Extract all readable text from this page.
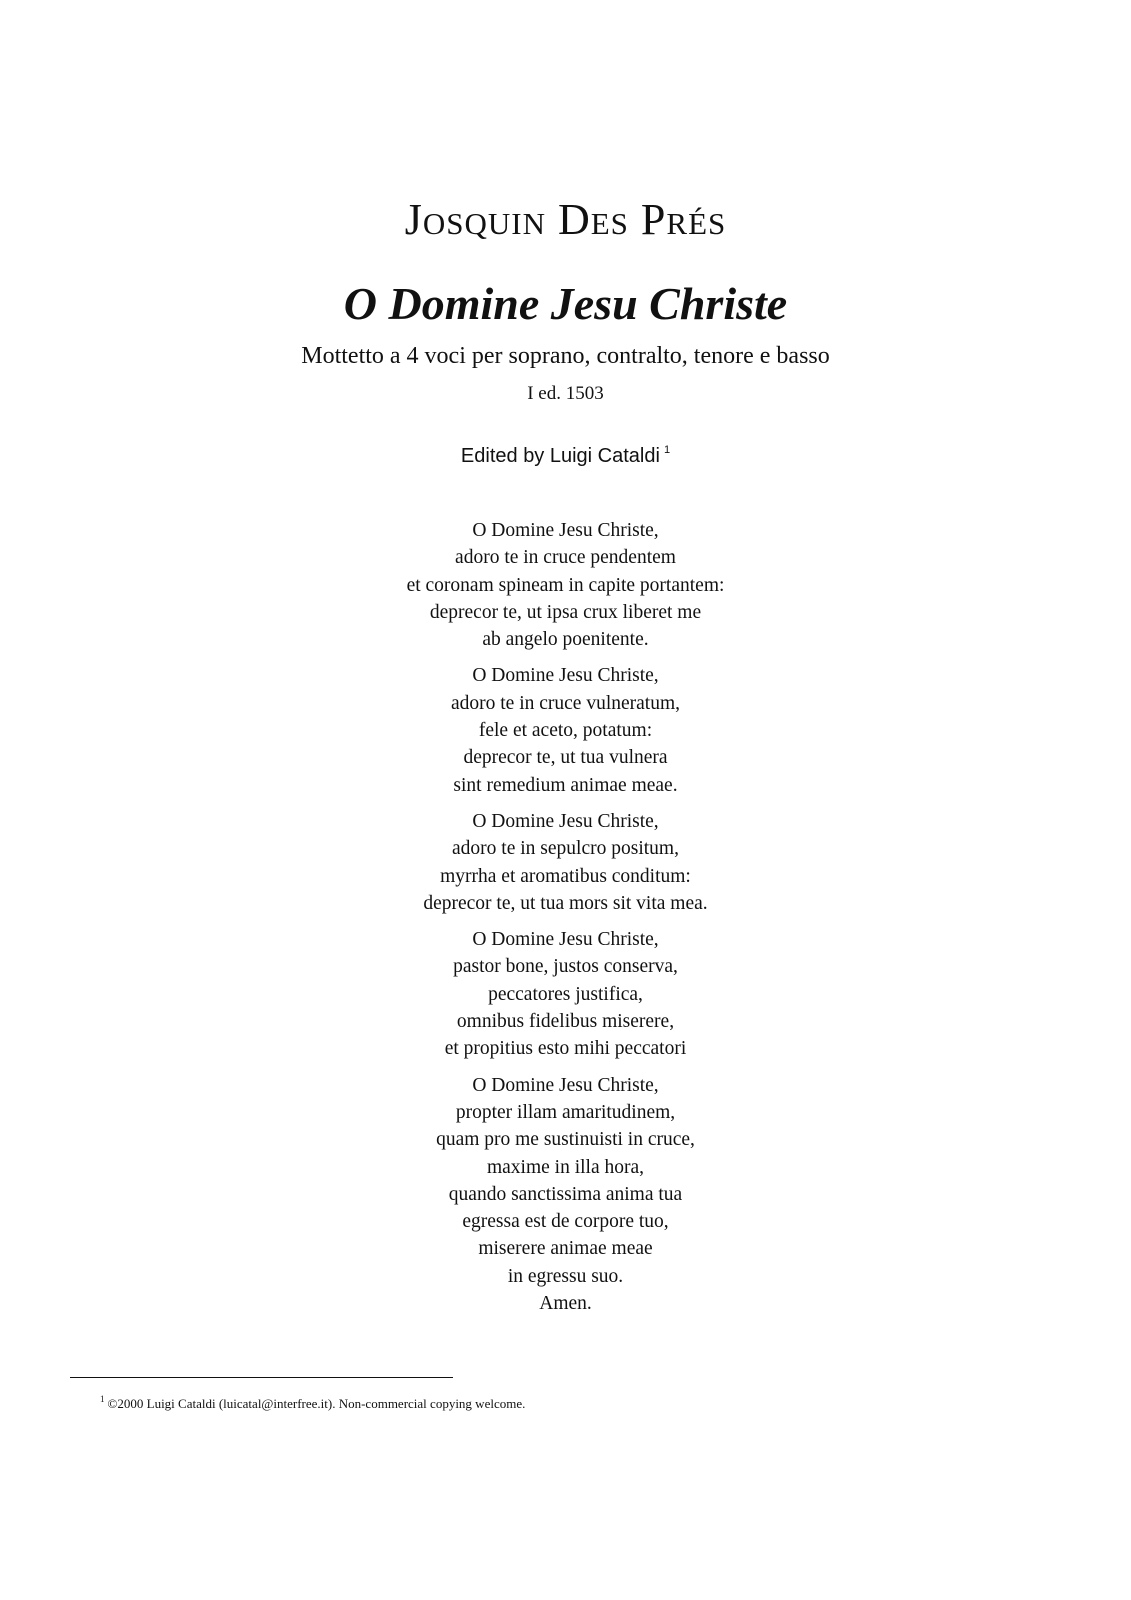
Josquin Des Prés
O Domine Jesu Christe
Mottetto a 4 voci per soprano, contralto, tenore e basso
I ed. 1503
Edited by Luigi Cataldi $^1$
O Domine Jesu Christe,
adoro te in cruce pendentem
et coronam spineam in capite portantem:
deprecor te, ut ipsa crux liberet me
ab angelo poenitente.
O Domine Jesu Christe,
adoro te in cruce vulneratum,
fele et aceto, potatum:
deprecor te, ut tua vulnera
sint remedium animae meae.
O Domine Jesu Christe,
adoro te in sepulcro positum,
myrrha et aromatibus conditum:
deprecor te, ut tua mors sit vita mea.
O Domine Jesu Christe,
pastor bone, justos conserva,
peccatores justifica,
omnibus fidelibus miserere,
et propitius esto mihi peccatori
O Domine Jesu Christe,
propter illam amaritudinem,
quam pro me sustinuisti in cruce,
maxime in illa hora,
quando sanctissima anima tua
egressa est de corpore tuo,
miserere animae meae
in egressu suo.
Amen.
$^1$ ©2000 Luigi Cataldi (luicatal@interfree.it). Non-commercial copying welcome.
